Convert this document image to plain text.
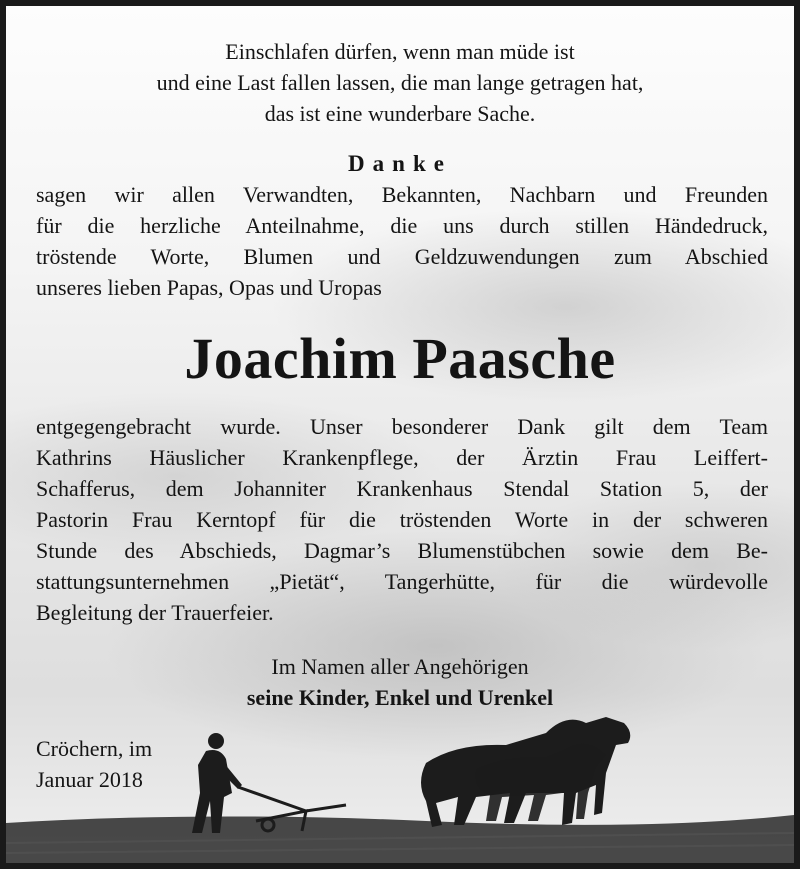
Einschlafen dürfen, wenn man müde ist
und eine Last fallen lassen, die man lange getragen hat,
das ist eine wunderbare Sache.
Danke
sagen wir allen Verwandten, Bekannten, Nachbarn und Freunden
für die herzliche Anteilnahme, die uns durch stillen Händedruck,
tröstende Worte, Blumen und Geldzuwendungen zum Abschied
unseres lieben Papas, Opas und Uropas
Joachim Paasche
entgegengebracht wurde. Unser besonderer Dank gilt dem Team
Kathrins Häuslicher Krankenpflege, der Ärztin Frau Leiffert-
Schafferus, dem Johanniter Krankenhaus Stendal Station 5, der
Pastorin Frau Kerntopf für die tröstenden Worte in der schweren
Stunde des Abschieds, Dagmar’s Blumenstübchen sowie dem Be-
stattungsunternehmen „Pietät“, Tangerhütte, für die würdevolle
Begleitung der Trauerfeier.
Im Namen aller Angehörigen
seine Kinder, Enkel und Urenkel
Cröchern, im
Januar 2018
